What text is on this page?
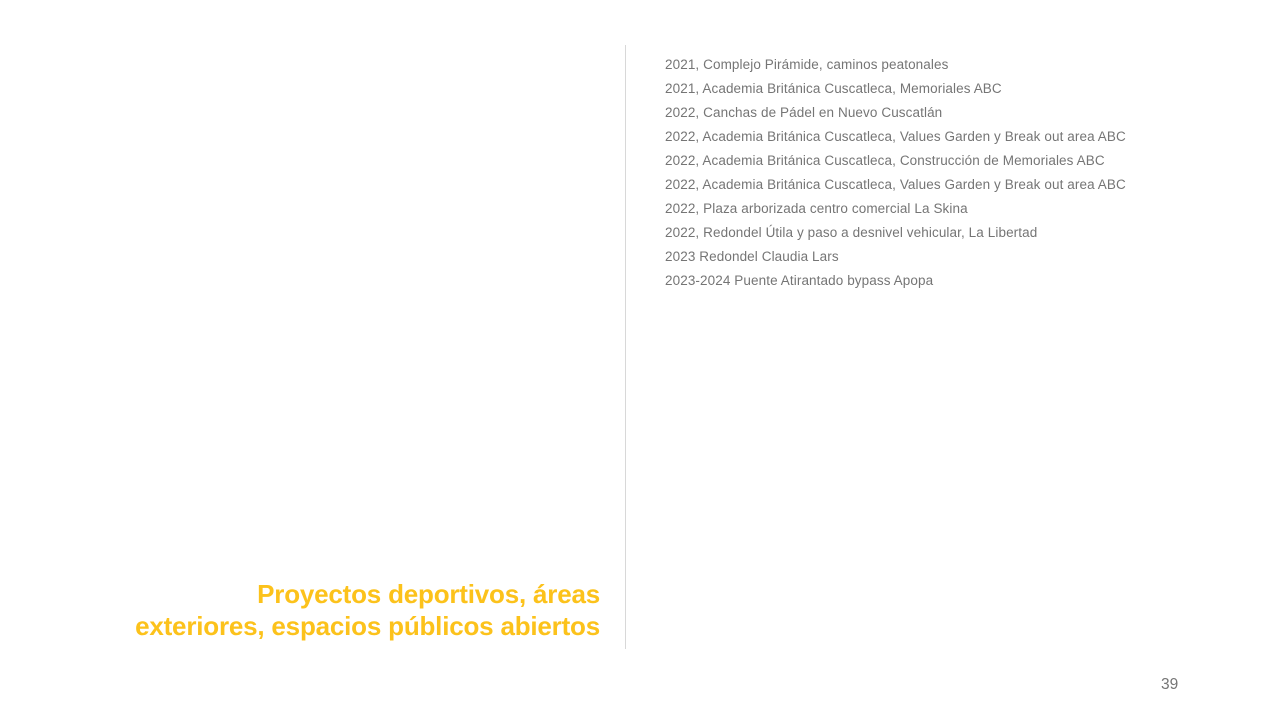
2021, Complejo Pirámide, caminos peatonales
2021, Academia Británica Cuscatleca, Memoriales ABC
2022, Canchas de Pádel en Nuevo Cuscatlán
2022, Academia Británica Cuscatleca, Values Garden y Break out area ABC
2022, Academia Británica Cuscatleca, Construcción de Memoriales ABC
2022, Academia Británica Cuscatleca, Values Garden y Break out area ABC
2022, Plaza arborizada centro comercial La Skina
2022, Redondel Útila y paso a desnivel vehicular, La Libertad
2023 Redondel Claudia Lars
2023-2024 Puente Atirantado bypass Apopa
Proyectos deportivos, áreas
exteriores, espacios públicos abiertos
39
